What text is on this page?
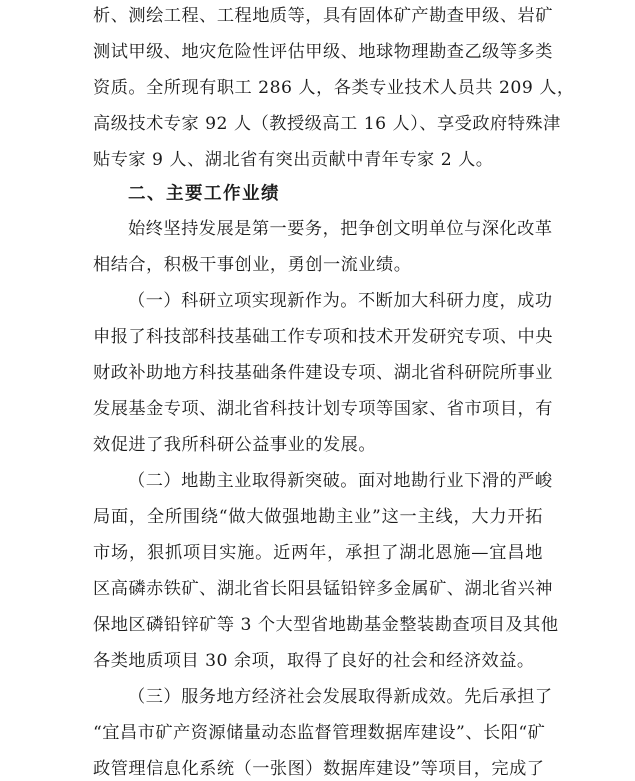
析、测绘工程、工程地质等，具有固体矿产勘查甲级、岩矿
测试甲级、地灾危险性评估甲级、地球物理勘查乙级等多类
资质。全所现有职工 286 人，各类专业技术人员共 209 人，
高级技术专家 92 人（教授级高工 16 人）、享受政府特殊津
贴专家 9 人、湖北省有突出贡献中青年专家 2 人。
二、主要工作业绩
始终坚持发展是第一要务，把争创文明单位与深化改革
相结合，积极干事创业，勇创一流业绩。
（一）科研立项实现新作为。不断加大科研力度，成功
申报了科技部科技基础工作专项和技术开发研究专项、中央
财政补助地方科技基础条件建设专项、湖北省科研院所事业
发展基金专项、湖北省科技计划专项等国家、省市项目，有
效促进了我所科研公益事业的发展。
（二）地勘主业取得新突破。面对地勘行业下滑的严峻
局面，全所围绕“做大做强地勘主业”这一主线，大力开拓
市场，狠抓项目实施。近两年，承担了湖北恩施—宜昌地
区高磷赤铁矿、湖北省长阳县锰铅锌多金属矿、湖北省兴神
保地区磷铅锌矿等 3 个大型省地勘基金整装勘查项目及其他
各类地质项目 30 余项，取得了良好的社会和经济效益。
（三）服务地方经济社会发展取得新成效。先后承担了
“宜昌市矿产资源储量动态监督管理数据库建设”、长阳“矿
政管理信息化系统（一张图）数据库建设”等项目，完成了
